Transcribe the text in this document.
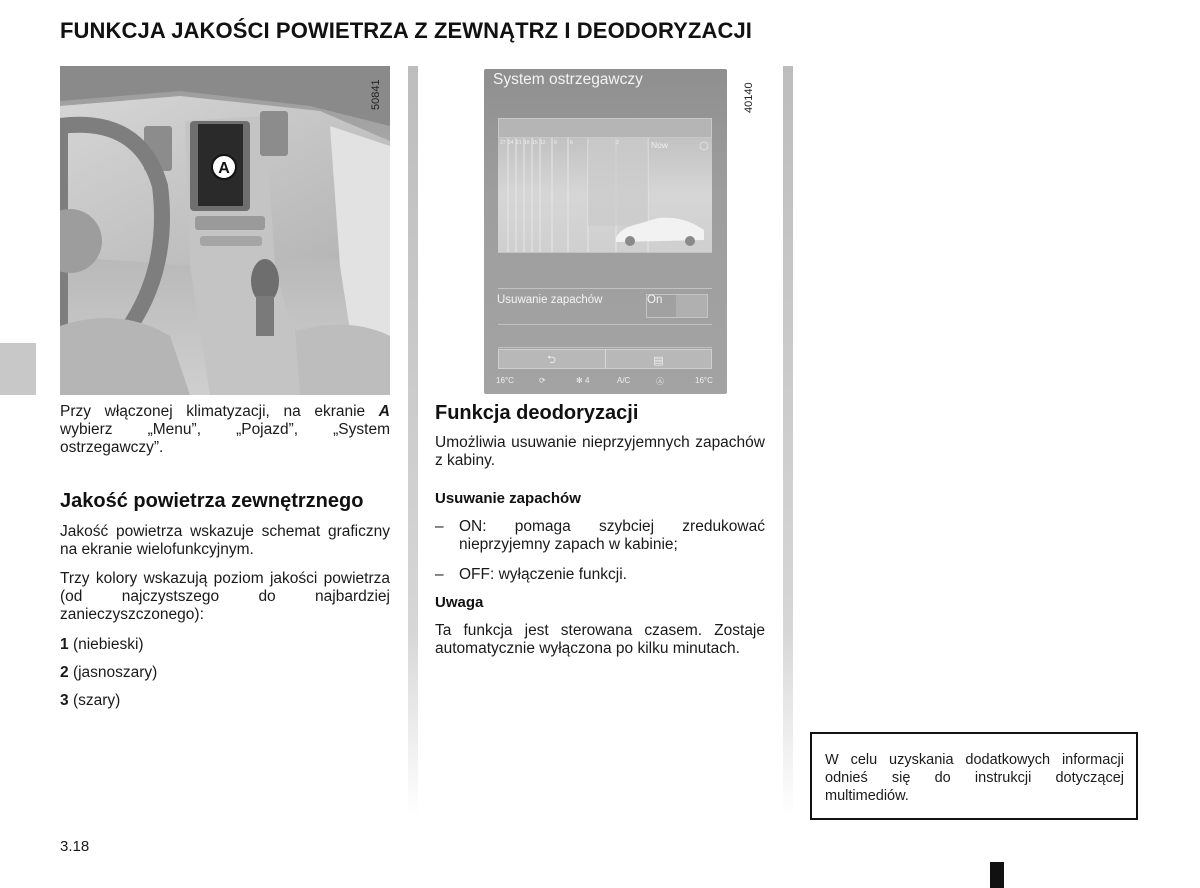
FUNKCJA JAKOŚCI POWIETRZA Z ZEWNĄTRZ I DEODORYZACJI
A
50841

Przy włączonej klimatyzacji, na ekranie A wybierz „Menu”, „Pojazd”, „System ostrzegawczy”.

Jakość powietrza zewnętrznego

Jakość powietrza wskazuje schemat graficzny na ekranie wielofunkcyjnym.

Trzy kolory wskazują poziom jakości powietrza (od najczystszego do najbardziej zanieczyszczonego):

1 (niebieski)
2 (jasnoszary)
3 (szary)
3.18
System ostrzegawczy
27 24 21 18 15 12 9	6	3	Now
Usuwanie zapachów	On
⮌	▤
16°C	⟳	✻ 4	A/C	Ⓐ	16°C
40140
Funkcja deodoryzacji

Umożliwia usuwanie nieprzyjemnych zapachów z kabiny.

Usuwanie zapachów
– ON: pomaga szybciej zredukować nieprzyjemny zapach w kabinie;
– OFF: wyłączenie funkcji.
Uwaga

Ta funkcja jest sterowana czasem. Zostaje automatycznie wyłączona po kilku minutach.

W celu uzyskania dodatkowych informacji odnieś się do instrukcji dotyczącej multimediów.
